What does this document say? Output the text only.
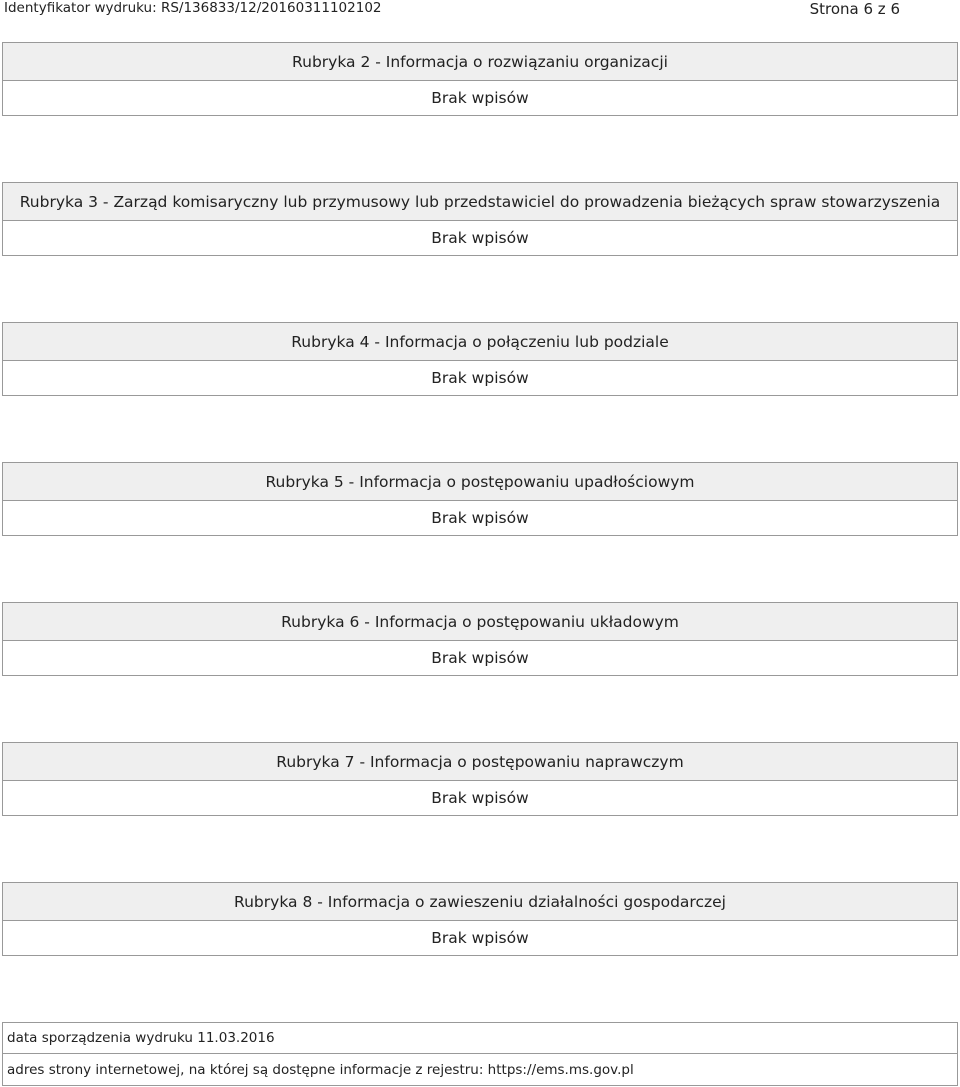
Identyfikator wydruku: RS/136833/12/20160311102102	Strona 6 z 6
Rubryka 2 - Informacja o rozwiązaniu organizacji
Brak wpisów
Rubryka 3 - Zarząd komisaryczny lub przymusowy lub przedstawiciel do prowadzenia bieżących spraw stowarzyszenia
Brak wpisów
Rubryka 4 - Informacja o połączeniu lub podziale
Brak wpisów
Rubryka 5 - Informacja o postępowaniu upadłościowym
Brak wpisów
Rubryka 6 - Informacja o postępowaniu układowym
Brak wpisów
Rubryka 7 - Informacja o postępowaniu naprawczym
Brak wpisów
Rubryka 8 - Informacja o zawieszeniu działalności gospodarczej
Brak wpisów
data sporządzenia wydruku 11.03.2016
adres strony internetowej, na której są dostępne informacje z rejestru: https://ems.ms.gov.pl
